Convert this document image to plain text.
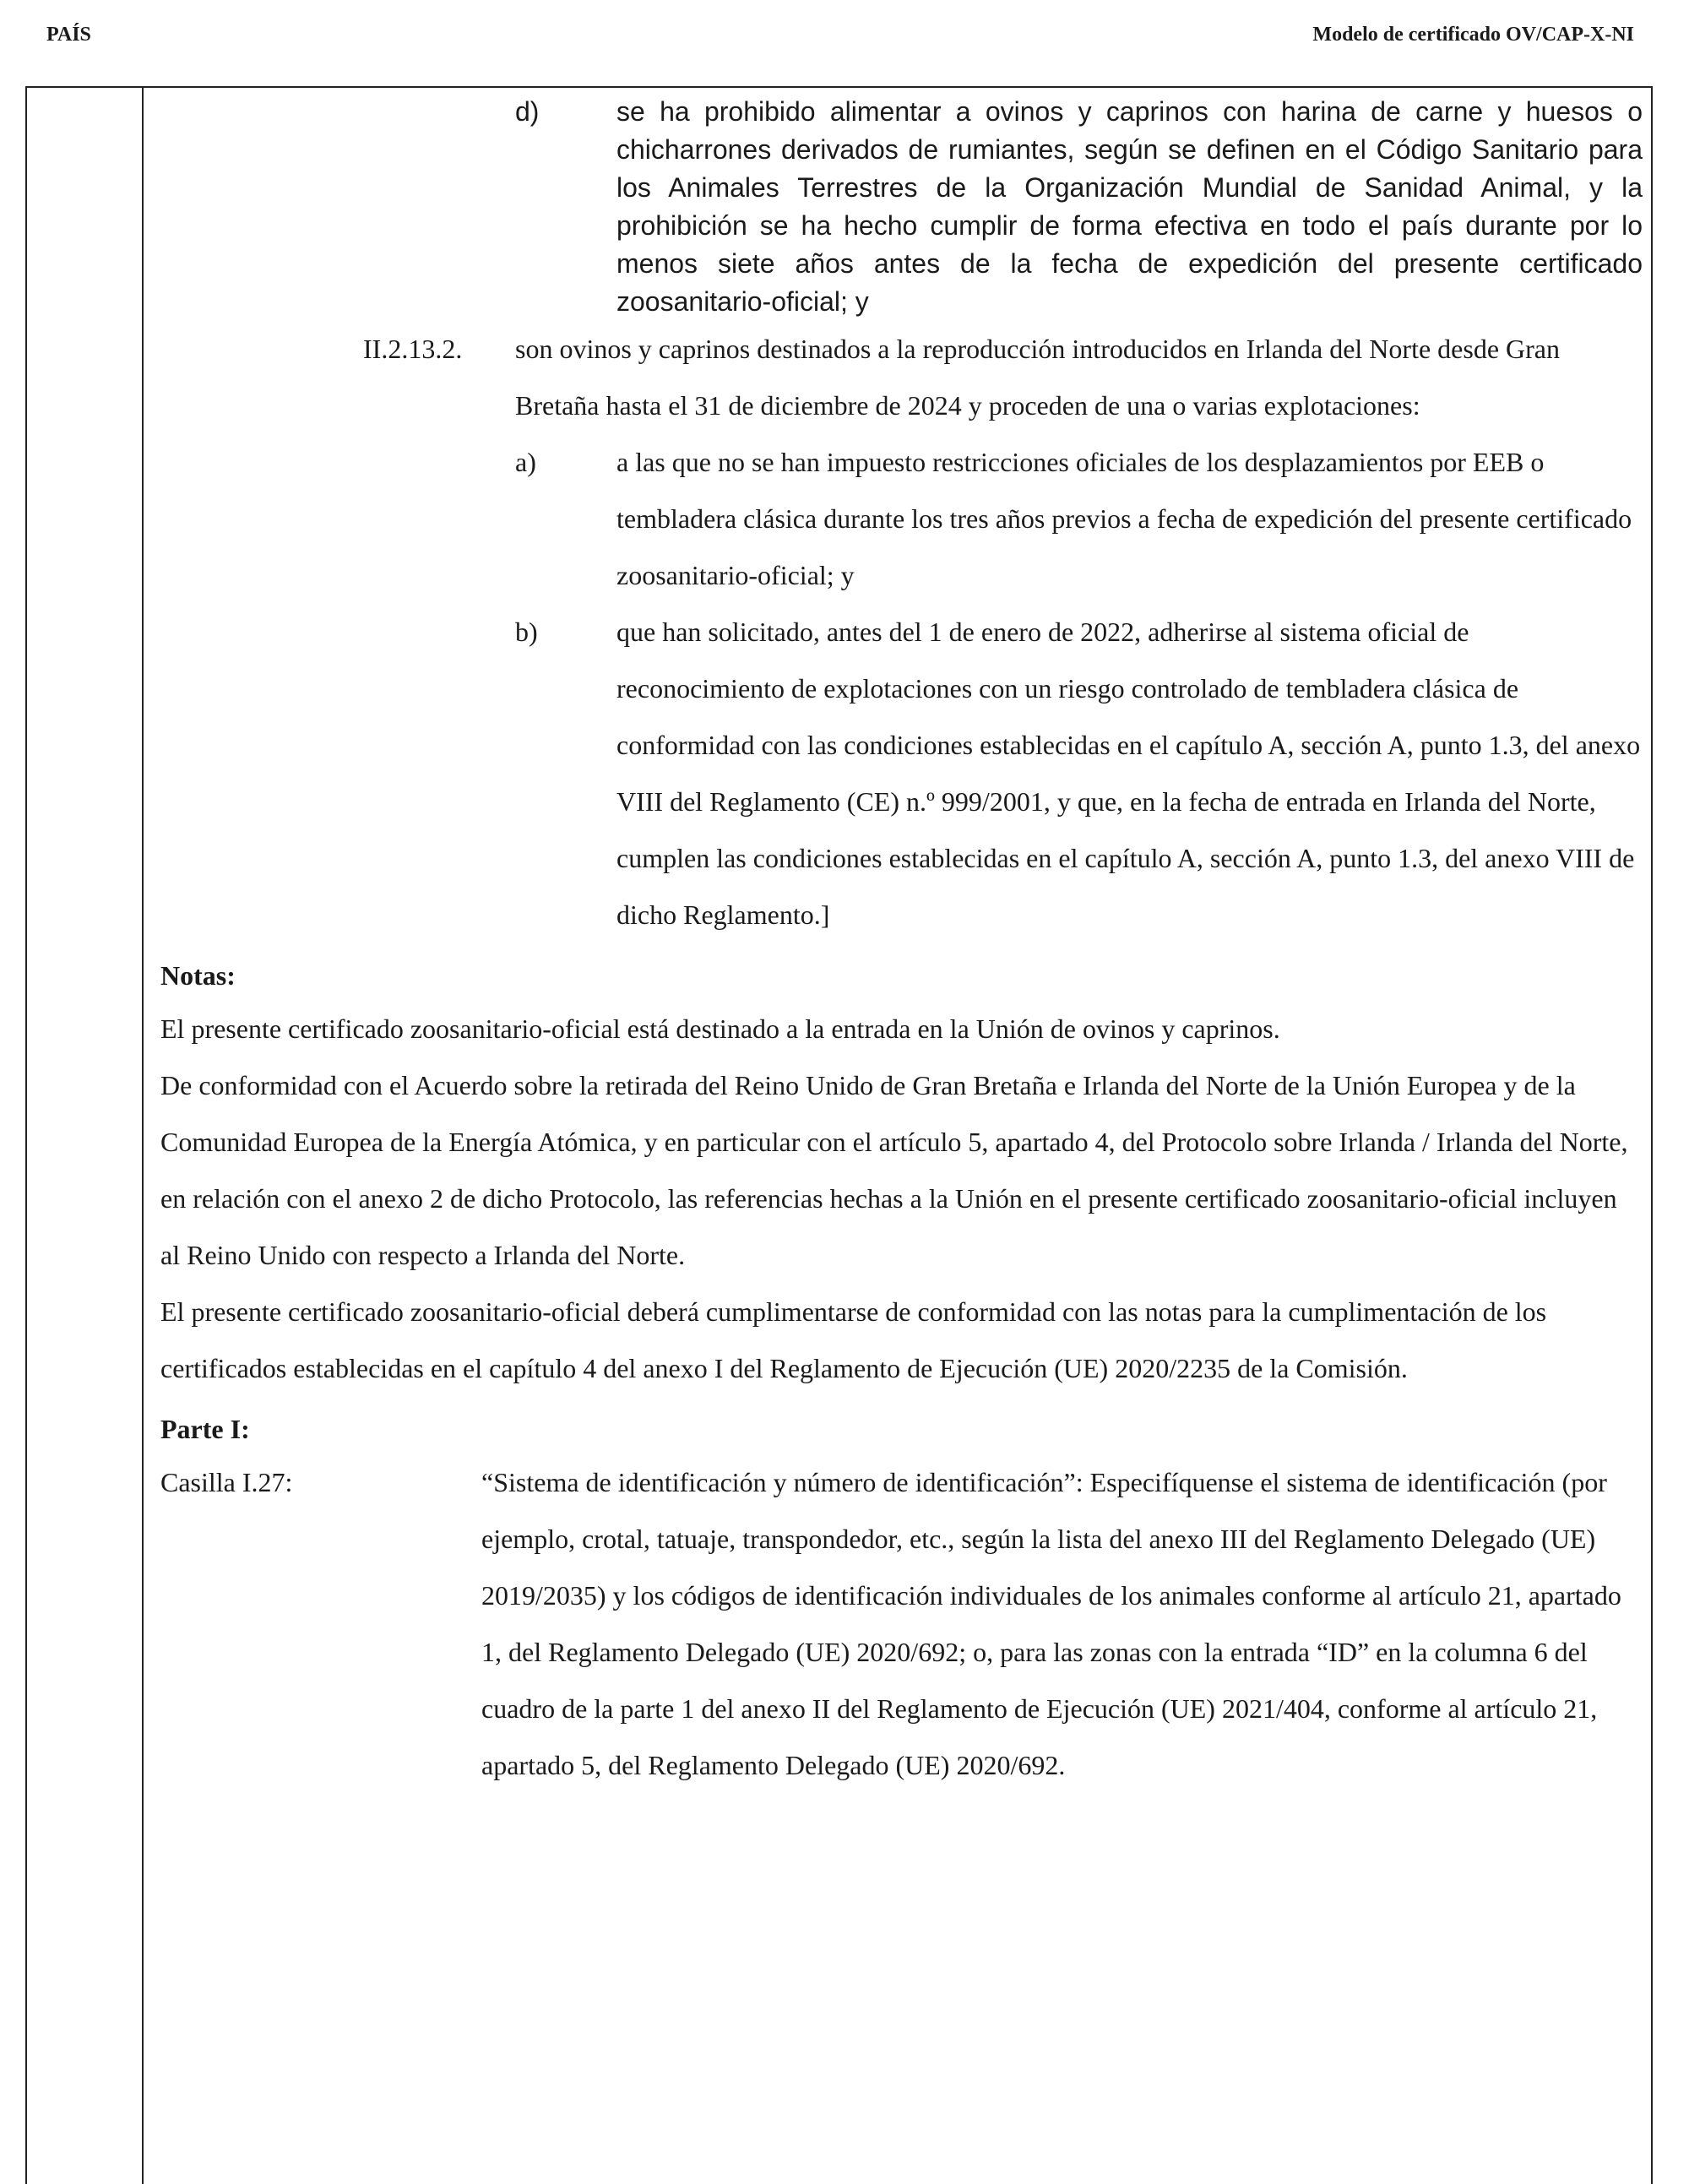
PAÍS	Modelo de certificado OV/CAP-X-NI
d)	se ha prohibido alimentar a ovinos y caprinos con harina de carne y huesos o chicharrones derivados de rumiantes, según se definen en el Código Sanitario para los Animales Terrestres de la Organización Mundial de Sanidad Animal, y la prohibición se ha hecho cumplir de forma efectiva en todo el país durante por lo menos siete años antes de la fecha de expedición del presente certificado zoosanitario-oficial; y
II.2.13.2.	son ovinos y caprinos destinados a la reproducción introducidos en Irlanda del Norte desde Gran Bretaña hasta el 31 de diciembre de 2024 y proceden de una o varias explotaciones:
a)	a las que no se han impuesto restricciones oficiales de los desplazamientos por EEB o tembladera clásica durante los tres años previos a fecha de expedición del presente certificado zoosanitario-oficial; y
b)	que han solicitado, antes del 1 de enero de 2022, adherirse al sistema oficial de reconocimiento de explotaciones con un riesgo controlado de tembladera clásica de conformidad con las condiciones establecidas en el capítulo A, sección A, punto 1.3, del anexo VIII del Reglamento (CE) n.º 999/2001, y que, en la fecha de entrada en Irlanda del Norte, cumplen las condiciones establecidas en el capítulo A, sección A, punto 1.3, del anexo VIII de dicho Reglamento.]
Notas:
El presente certificado zoosanitario-oficial está destinado a la entrada en la Unión de ovinos y caprinos.
De conformidad con el Acuerdo sobre la retirada del Reino Unido de Gran Bretaña e Irlanda del Norte de la Unión Europea y de la Comunidad Europea de la Energía Atómica, y en particular con el artículo 5, apartado 4, del Protocolo sobre Irlanda / Irlanda del Norte, en relación con el anexo 2 de dicho Protocolo, las referencias hechas a la Unión en el presente certificado zoosanitario-oficial incluyen al Reino Unido con respecto a Irlanda del Norte.
El presente certificado zoosanitario-oficial deberá cumplimentarse de conformidad con las notas para la cumplimentación de los certificados establecidas en el capítulo 4 del anexo I del Reglamento de Ejecución (UE) 2020/2235 de la Comisión.
Parte I:
Casilla I.27:	“Sistema de identificación y número de identificación”: Especifíquense el sistema de identificación (por ejemplo, crotal, tatuaje, transpondedor, etc., según la lista del anexo III del Reglamento Delegado (UE) 2019/2035) y los códigos de identificación individuales de los animales conforme al artículo 21, apartado 1, del Reglamento Delegado (UE) 2020/692; o, para las zonas con la entrada “ID” en la columna 6 del cuadro de la parte 1 del anexo II del Reglamento de Ejecución (UE) 2021/404, conforme al artículo 21, apartado 5, del Reglamento Delegado (UE) 2020/692.
